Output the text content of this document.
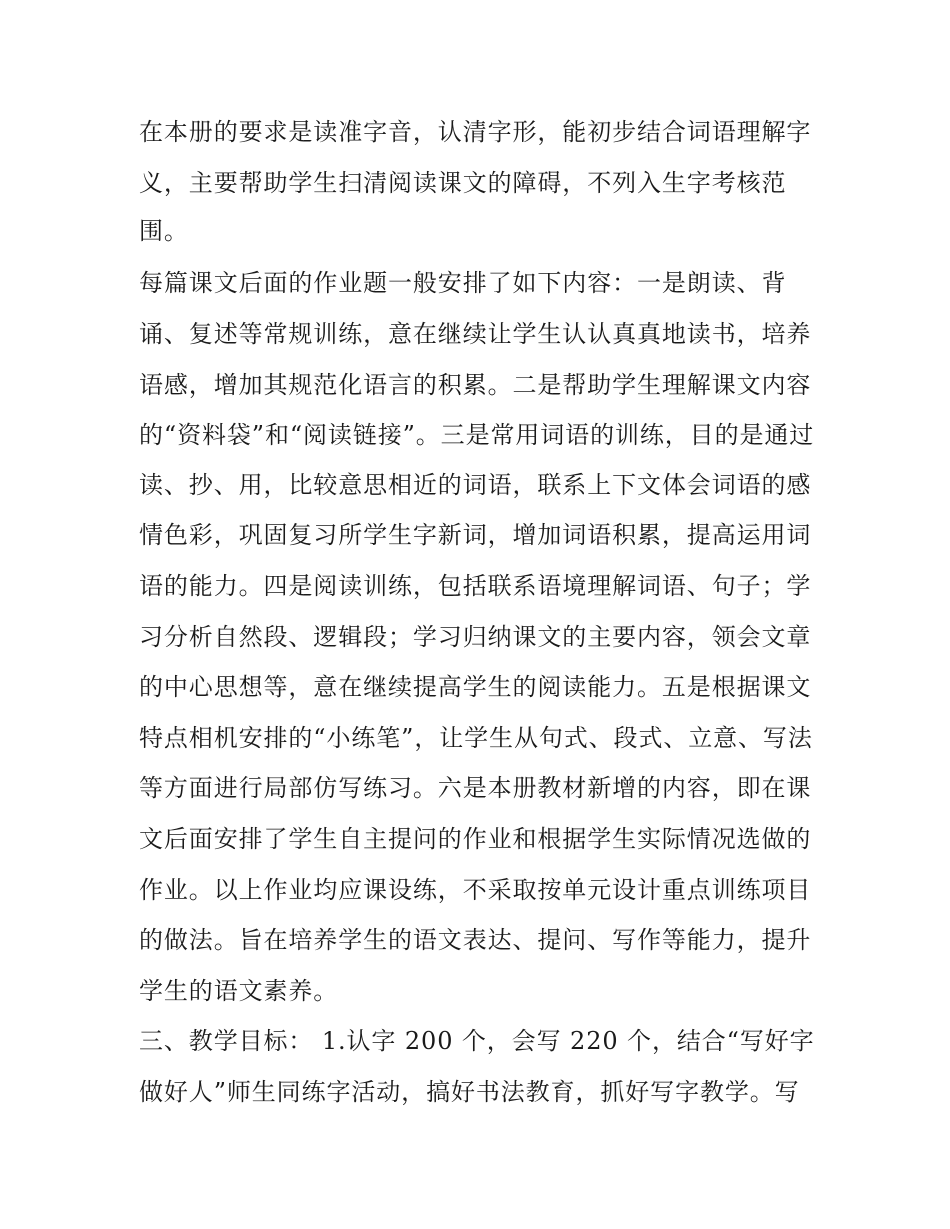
在本册的要求是读准字音，认清字形，能初步结合词语理解字
义，主要帮助学生扫清阅读课文的障碍，不列入生字考核范
围。
每篇课文后面的作业题一般安排了如下内容：一是朗读、背
诵、复述等常规训练，意在继续让学生认认真真地读书，培养
语感，增加其规范化语言的积累。二是帮助学生理解课文内容
的“资料袋”和“阅读链接”。三是常用词语的训练，目的是通过
读、抄、用，比较意思相近的词语，联系上下文体会词语的感
情色彩，巩固复习所学生字新词，增加词语积累，提高运用词
语的能力。四是阅读训练，包括联系语境理解词语、句子；学
习分析自然段、逻辑段；学习归纳课文的主要内容，领会文章
的中心思想等，意在继续提高学生的阅读能力。五是根据课文
特点相机安排的“小练笔”，让学生从句式、段式、立意、写法
等方面进行局部仿写练习。六是本册教材新增的内容，即在课
文后面安排了学生自主提问的作业和根据学生实际情况选做的
作业。以上作业均应课设练，不采取按单元设计重点训练项目
的做法。旨在培养学生的语文表达、提问、写作等能力，提升
学生的语文素养。
三、教学目标： 1.认字 200 个，会写 220 个，结合“写好字
做好人”师生同练字活动，搞好书法教育，抓好写字教学。写
